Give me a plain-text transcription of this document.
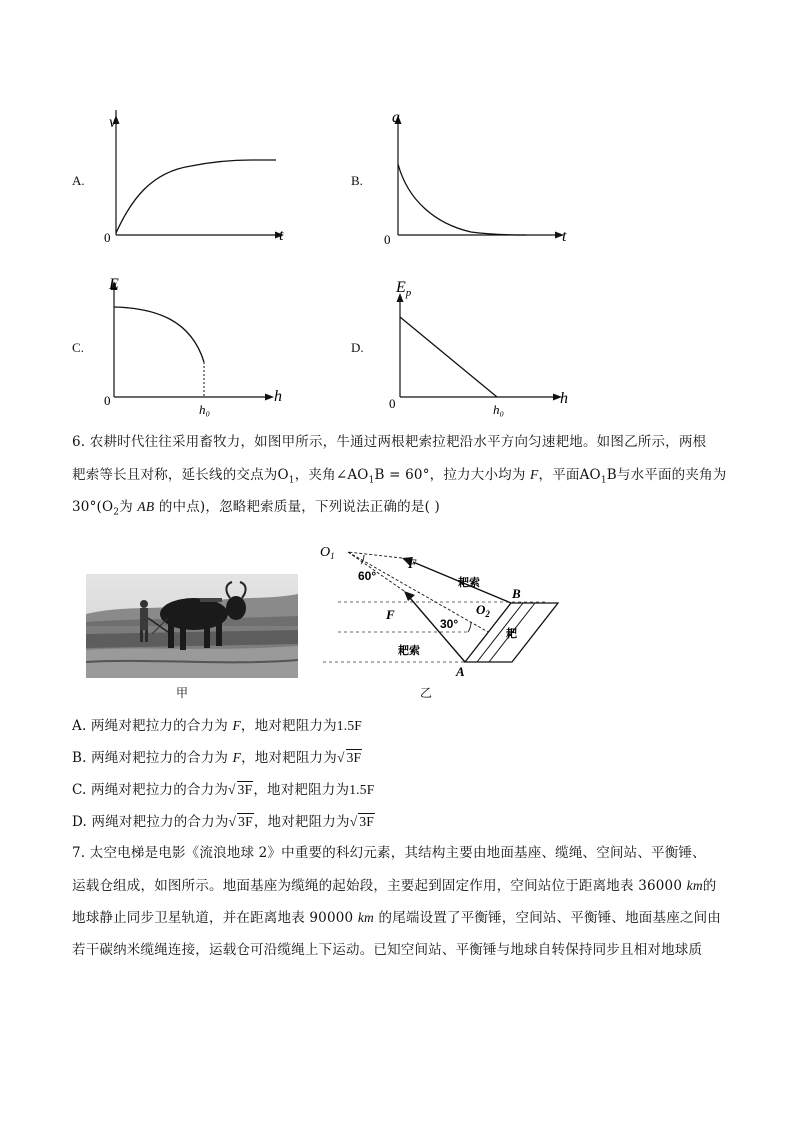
A.
v
t
0
B.
a
t
0
C.
E
h
0
h₀
D.
$E_p$
h
0	h₀
6. 农耕时代往往采用畜牧力，如图甲所示，牛通过两根耙索拉耙沿水平方向匀速耙地。如图乙所示，两根
耙索等长且对称，延长线的交点为$O_1$，夹角$\angle AO_1B = 60^\circ$，拉力大小均为 F，平面$AO_1B$与水平面的夹角为
$30^\circ(O_2$为 AB 的中点)，忽略耙索质量，下列说法正确的是( )
甲
$O_1$
60°
F
耙索
B
$O_2$
F
30°
耙
耙索
A
乙
A. 两绳对耙拉力的合力为 F，地对耙阻力为1.5F
B. 两绳对耙拉力的合力为 F，地对耙阻力为√ 3F
C. 两绳对耙拉力的合力为√ 3F，地对耙阻力为1.5F
D. 两绳对耙拉力的合力为√ 3F，地对耙阻力为√ 3F
7. 太空电梯是电影《流浪地球 2》中重要的科幻元素，其结构主要由地面基座、缆绳、空间站、平衡锤、
运载仓组成，如图所示。地面基座为缆绳的起始段，主要起到固定作用，空间站位于距离地表 36000 km的
地球静止同步卫星轨道，并在距离地表 90000 km 的尾端设置了平衡锤，空间站、平衡锤、地面基座之间由
若干碳纳米缆绳连接，运载仓可沿缆绳上下运动。已知空间站、平衡锤与地球自转保持同步且相对地球质
